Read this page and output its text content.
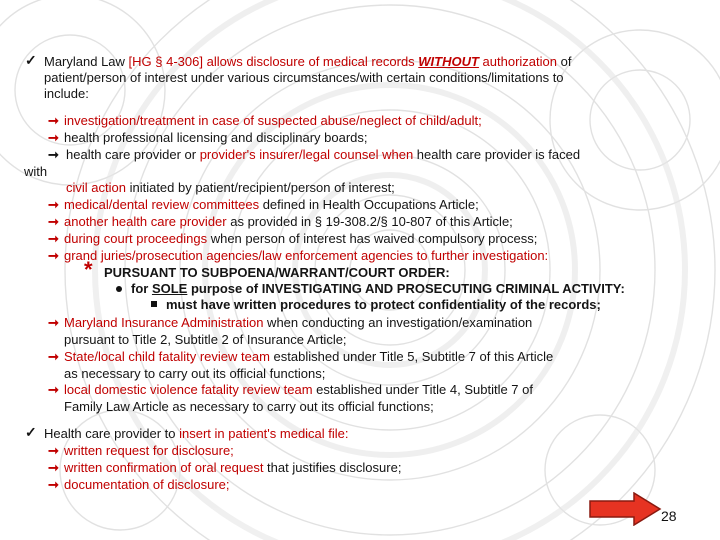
✓ Maryland Law [HG § 4-306] allows disclosure of medical records WITHOUT authorization of
patient/person of interest under various circumstances/with certain conditions/limitations to
include:
➞ investigation/treatment in case of suspected abuse/neglect of child/adult;
➞ health professional licensing and disciplinary boards;
➞ health care provider or provider's insurer/legal counsel when health care provider is faced
with
civil action initiated by patient/recipient/person of interest;
➞ medical/dental review committees defined in Health Occupations Article;
➞ another health care provider as provided in § 19-308.2/§ 10-807 of this Article;
➞ during court proceedings when person of interest has waived compulsory process;
➞ grand juries/prosecution agencies/law enforcement agencies to further investigation:
* PURSUANT TO SUBPOENA/WARRANT/COURT ORDER:
for SOLE purpose of INVESTIGATING AND PROSECUTING CRIMINAL ACTIVITY:
must have written procedures to protect confidentiality of the records;
➞ Maryland Insurance Administration when conducting an investigation/examination
pursuant to Title 2, Subtitle 2 of Insurance Article;
➞ State/local child fatality review team established under Title 5, Subtitle 7 of this Article
as necessary to carry out its official functions;
➞ local domestic violence fatality review team established under Title 4, Subtitle 7 of
Family Law Article as necessary to carry out its official functions;
✓ Health care provider to insert in patient's medical file:
➞ written request for disclosure;
➞ written confirmation of oral request that justifies disclosure;
➞ documentation of disclosure;
28
